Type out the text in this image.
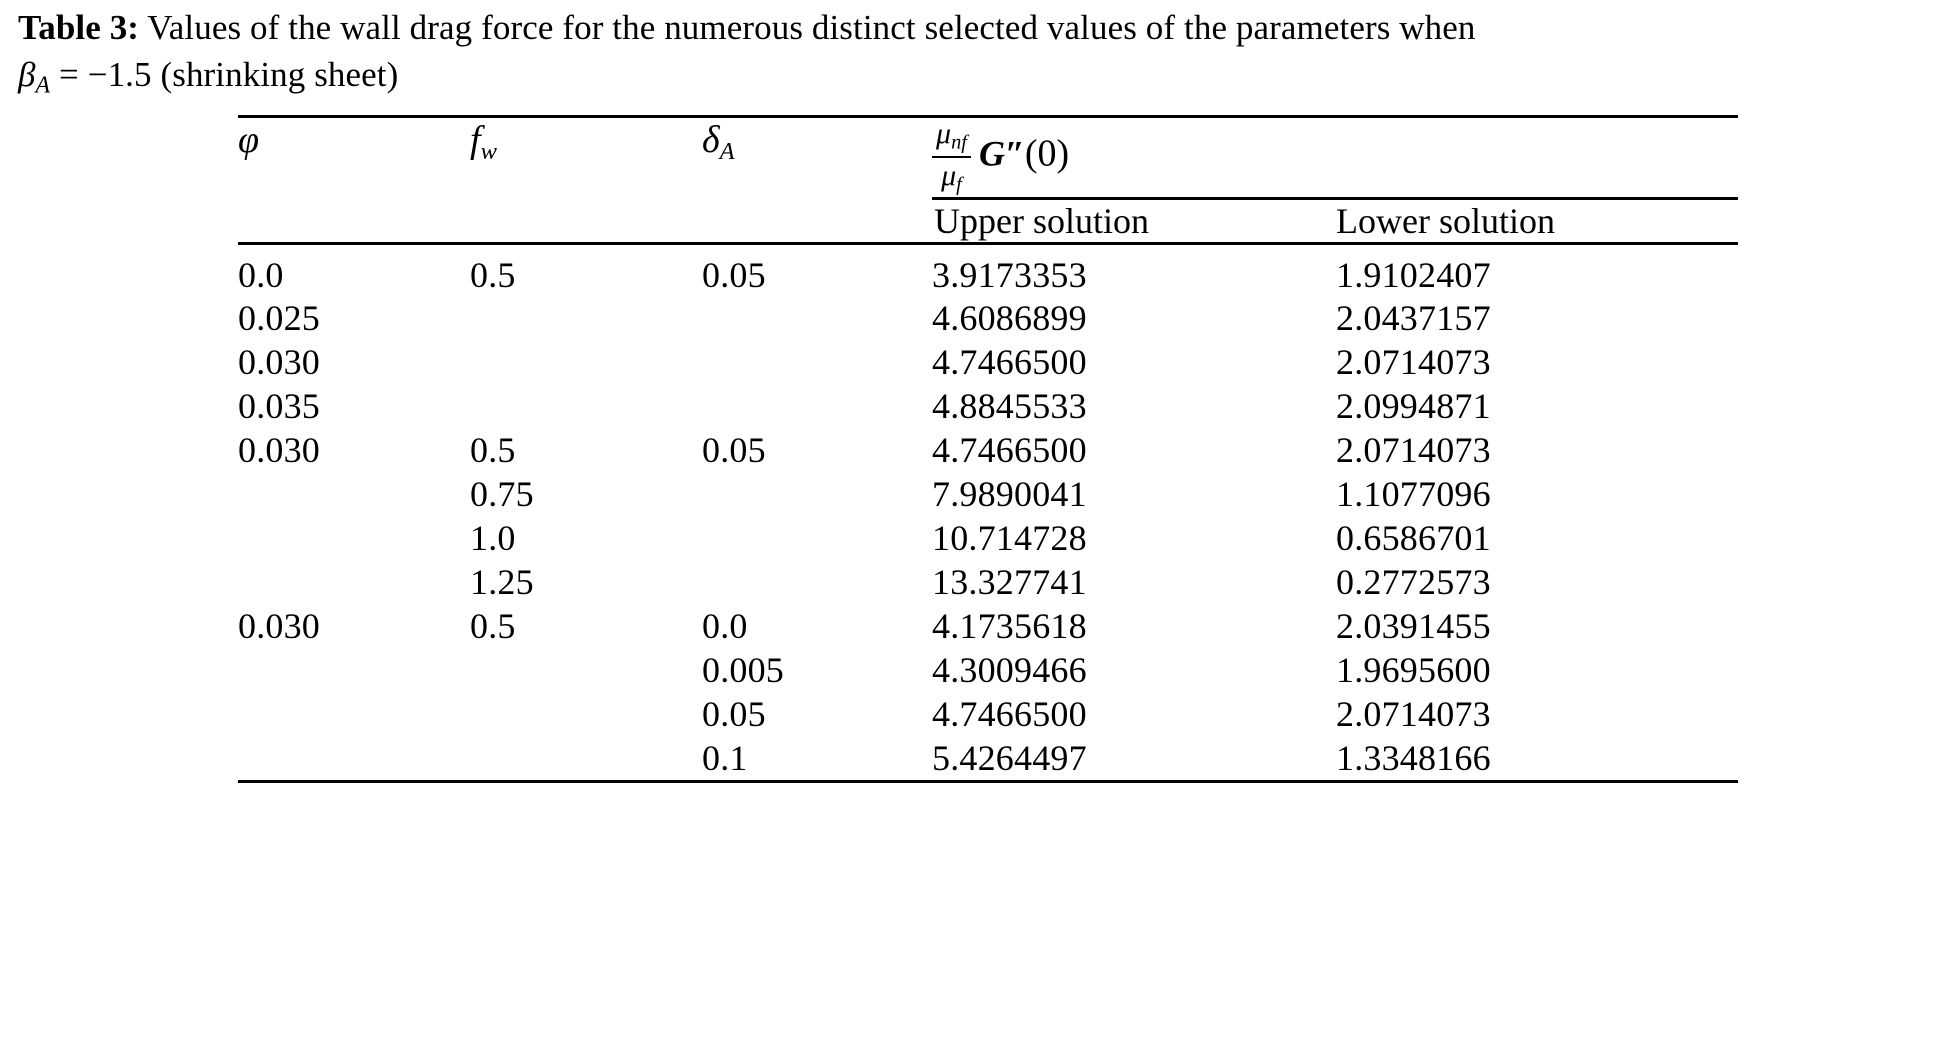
Table 3: Values of the wall drag force for the numerous distinct selected values of the parameters when
$\beta_A = -1.5$ (shrinking sheet)

φ	$f_w$	$\delta_A$	$\frac{\mu_{nf}}{\mu_f} G''(0)$	

			Upper solution	Lower solution

0.0	0.5	0.05	3.9173353	1.9102407
0.025			4.6086899	2.0437157
0.030			4.7466500	2.0714073
0.035			4.8845533	2.0994871
0.030	0.5	0.05	4.7466500	2.0714073
	0.75		7.9890041	1.1077096
	1.0		10.714728	0.6586701
	1.25		13.327741	0.2772573
0.030	0.5	0.0	4.1735618	2.0391455
		0.005	4.3009466	1.9695600
		0.05	4.7466500	2.0714073
		0.1	5.4264497	1.3348166
